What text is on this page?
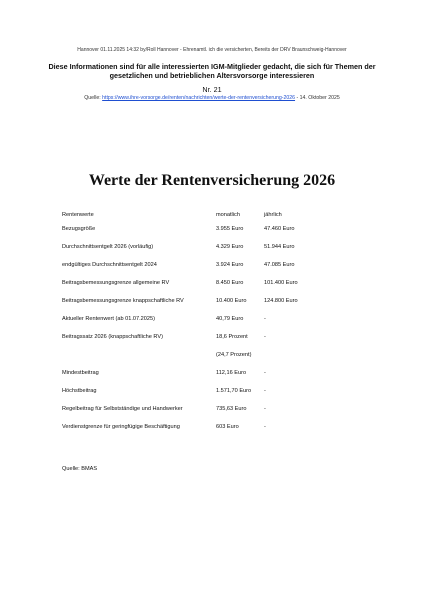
Hannover 01.11.2025 14:32 by/Roll Hannover - Ehrenamtl. ich die versicherten, Bereits der DRV Braunschweig-Hannover
Diese Informationen sind für alle interessierten IGM-Mitglieder gedacht, die sich für Themen der gesetzlichen und betrieblichen Altersvorsorge interessieren
Nr. 21
Quelle: https://www.ihre-vorsorge.de/renten/nachrichten/werte-der-rentenversicherung-2026 - 14. Oktober 2025
Werte der Rentenversicherung 2026
Rentenwerte	monatlich	jährlich
Bezugsgröße	3.955 Euro	47.460 Euro
Durchschnittsentgelt 2026 (vorläufig)	4.329 Euro	51.944 Euro
endgültiges Durchschnittsentgelt 2024	3.924 Euro	47.085 Euro
Beitragsbemessungsgrenze allgemeine RV	8.450 Euro	101.400 Euro
Beitragsbemessungsgrenze knappschaftliche RV	10.400 Euro	124.800 Euro
Aktueller Rentenwert (ab 01.07.2025)	40,79 Euro	-
Beitragssatz 2026 (knappschaftliche RV)	18,6 Prozent	-
(24,7 Prozent)
Mindestbeitrag	112,16 Euro	-
Höchstbeitrag	1.571,70 Euro -
Regelbeitrag für Selbstständige und Handwerker	735,63 Euro	-
Verdienstgrenze für geringfügige Beschäftigung	603 Euro	-
Quelle: BMAS
